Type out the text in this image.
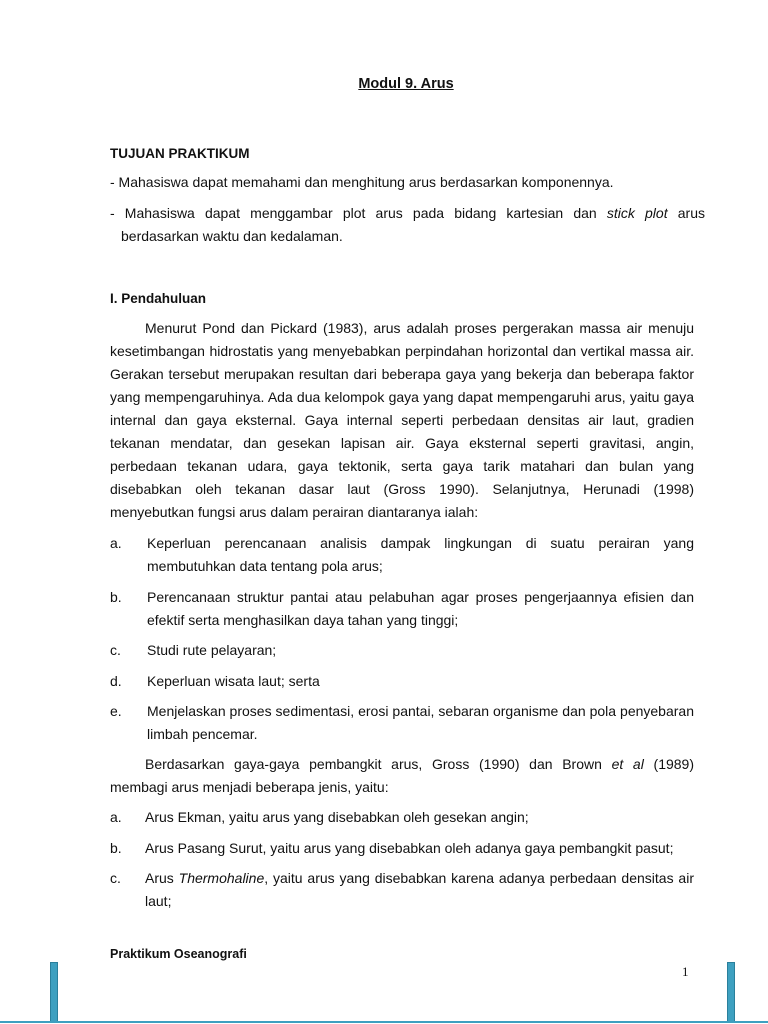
Modul 9. Arus
TUJUAN PRAKTIKUM
- Mahasiswa dapat memahami dan menghitung arus berdasarkan komponennya.
- Mahasiswa dapat menggambar plot arus pada bidang kartesian dan stick plot arus berdasarkan waktu dan kedalaman.
I. Pendahuluan
Menurut Pond dan Pickard (1983), arus adalah proses pergerakan massa air menuju kesetimbangan hidrostatis yang menyebabkan perpindahan horizontal dan vertikal massa air. Gerakan tersebut merupakan resultan dari beberapa gaya yang bekerja dan beberapa faktor yang mempengaruhinya. Ada dua kelompok gaya yang dapat mempengaruhi arus, yaitu gaya internal dan gaya eksternal. Gaya internal seperti perbedaan densitas air laut, gradien tekanan mendatar, dan gesekan lapisan air. Gaya eksternal seperti gravitasi, angin, perbedaan tekanan udara, gaya tektonik, serta gaya tarik matahari dan bulan yang disebabkan oleh tekanan dasar laut (Gross 1990). Selanjutnya, Herunadi (1998) menyebutkan fungsi arus dalam perairan diantaranya ialah:
a. Keperluan perencanaan analisis dampak lingkungan di suatu perairan yang membutuhkan data tentang pola arus;
b. Perencanaan struktur pantai atau pelabuhan agar proses pengerjaannya efisien dan efektif serta menghasilkan daya tahan yang tinggi;
c. Studi rute pelayaran;
d. Keperluan wisata laut; serta
e. Menjelaskan proses sedimentasi, erosi pantai, sebaran organisme dan pola penyebaran limbah pencemar.
Berdasarkan gaya-gaya pembangkit arus, Gross (1990) dan Brown et al (1989) membagi arus menjadi beberapa jenis, yaitu:
a. Arus Ekman, yaitu arus yang disebabkan oleh gesekan angin;
b. Arus Pasang Surut, yaitu arus yang disebabkan oleh adanya gaya pembangkit pasut;
c. Arus Thermohaline, yaitu arus yang disebabkan karena adanya perbedaan densitas air laut;
Praktikum Oseanografi
1
